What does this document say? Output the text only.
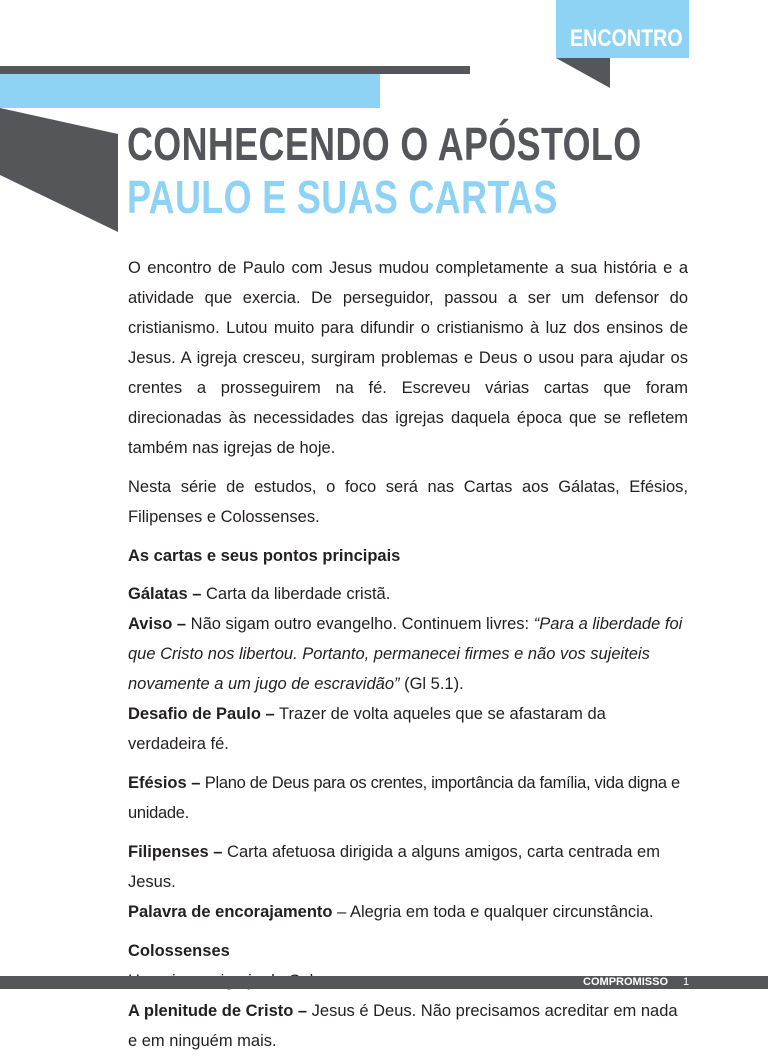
ENCONTRO
CONHECENDO O APÓSTOLO
PAULO E SUAS CARTAS

O encontro de Paulo com Jesus mudou completamente a sua história e a atividade que exercia. De perseguidor, passou a ser um defensor do cristianismo. Lutou muito para difundir o cristianismo à luz dos ensinos de Jesus. A igreja cresceu, surgiram problemas e Deus o usou para ajudar os crentes a prosseguirem na fé. Escreveu várias cartas que foram direcionadas às necessidades das igrejas daquela época que se refletem também nas igrejas de hoje.

Nesta série de estudos, o foco será nas Cartas aos Gálatas, Efésios, Filipenses e Colossenses.

As cartas e seus pontos principais

Gálatas – Carta da liberdade cristã.

Aviso – Não sigam outro evangelho. Continuem livres: “Para a liberdade foi que Cristo nos libertou. Portanto, permanecei firmes e não vos sujeiteis novamente a um jugo de escravidão” (Gl 5.1).

Desafio de Paulo – Trazer de volta aqueles que se afastaram da verdadeira fé.

Efésios – Plano de Deus para os crentes, importância da família, vida digna e unidade.

Filipenses – Carta afetuosa dirigida a alguns amigos, carta centrada em Jesus.

Palavra de encorajamento – Alegria em toda e qualquer circunstância.

Colossenses

A plenitude de Cristo – Jesus é Deus. Não precisamos acreditar em nada e em ninguém mais.

COMPROMISSO 1
